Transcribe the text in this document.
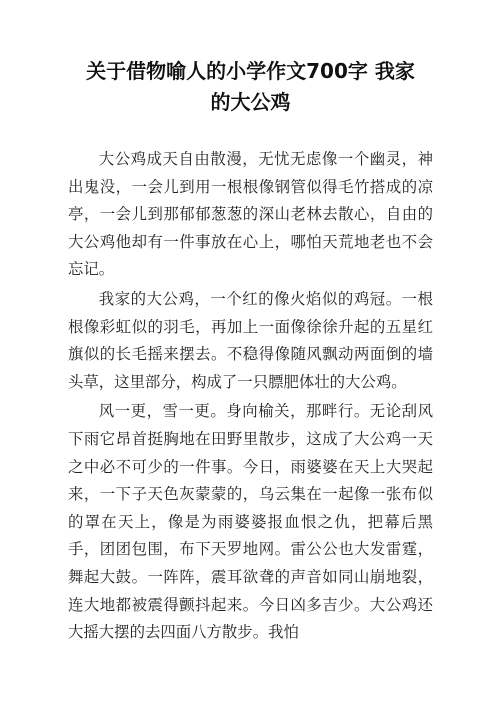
关于借物喻人的小学作文700字 我家
的大公鸡

大公鸡成天自由散漫，无忧无虑像一个幽灵，神出鬼没，一会儿到用一根根像钢管似得毛竹搭成的凉亭，一会儿到那郁郁葱葱的深山老林去散心，自由的大公鸡他却有一件事放在心上，哪怕天荒地老也不会忘记。

我家的大公鸡，一个红的像火焰似的鸡冠。一根根像彩虹似的羽毛，再加上一面像徐徐升起的五星红旗似的长毛摇来摆去。不稳得像随风飘动两面倒的墙头草，这里部分，构成了一只膘肥体壮的大公鸡。

风一更，雪一更。身向榆关，那畔行。无论刮风下雨它昂首挺胸地在田野里散步，这成了大公鸡一天之中必不可少的一件事。今日，雨婆婆在天上大哭起来，一下子天色灰蒙蒙的，乌云集在一起像一张布似的罩在天上，像是为雨婆婆报血恨之仇，把幕后黑手，团团包围，布下天罗地网。雷公公也大发雷霆，舞起大鼓。一阵阵，震耳欲聋的声音如同山崩地裂，连大地都被震得颤抖起来。今日凶多吉少。大公鸡还大摇大摆的去四面八方散步。我怕
